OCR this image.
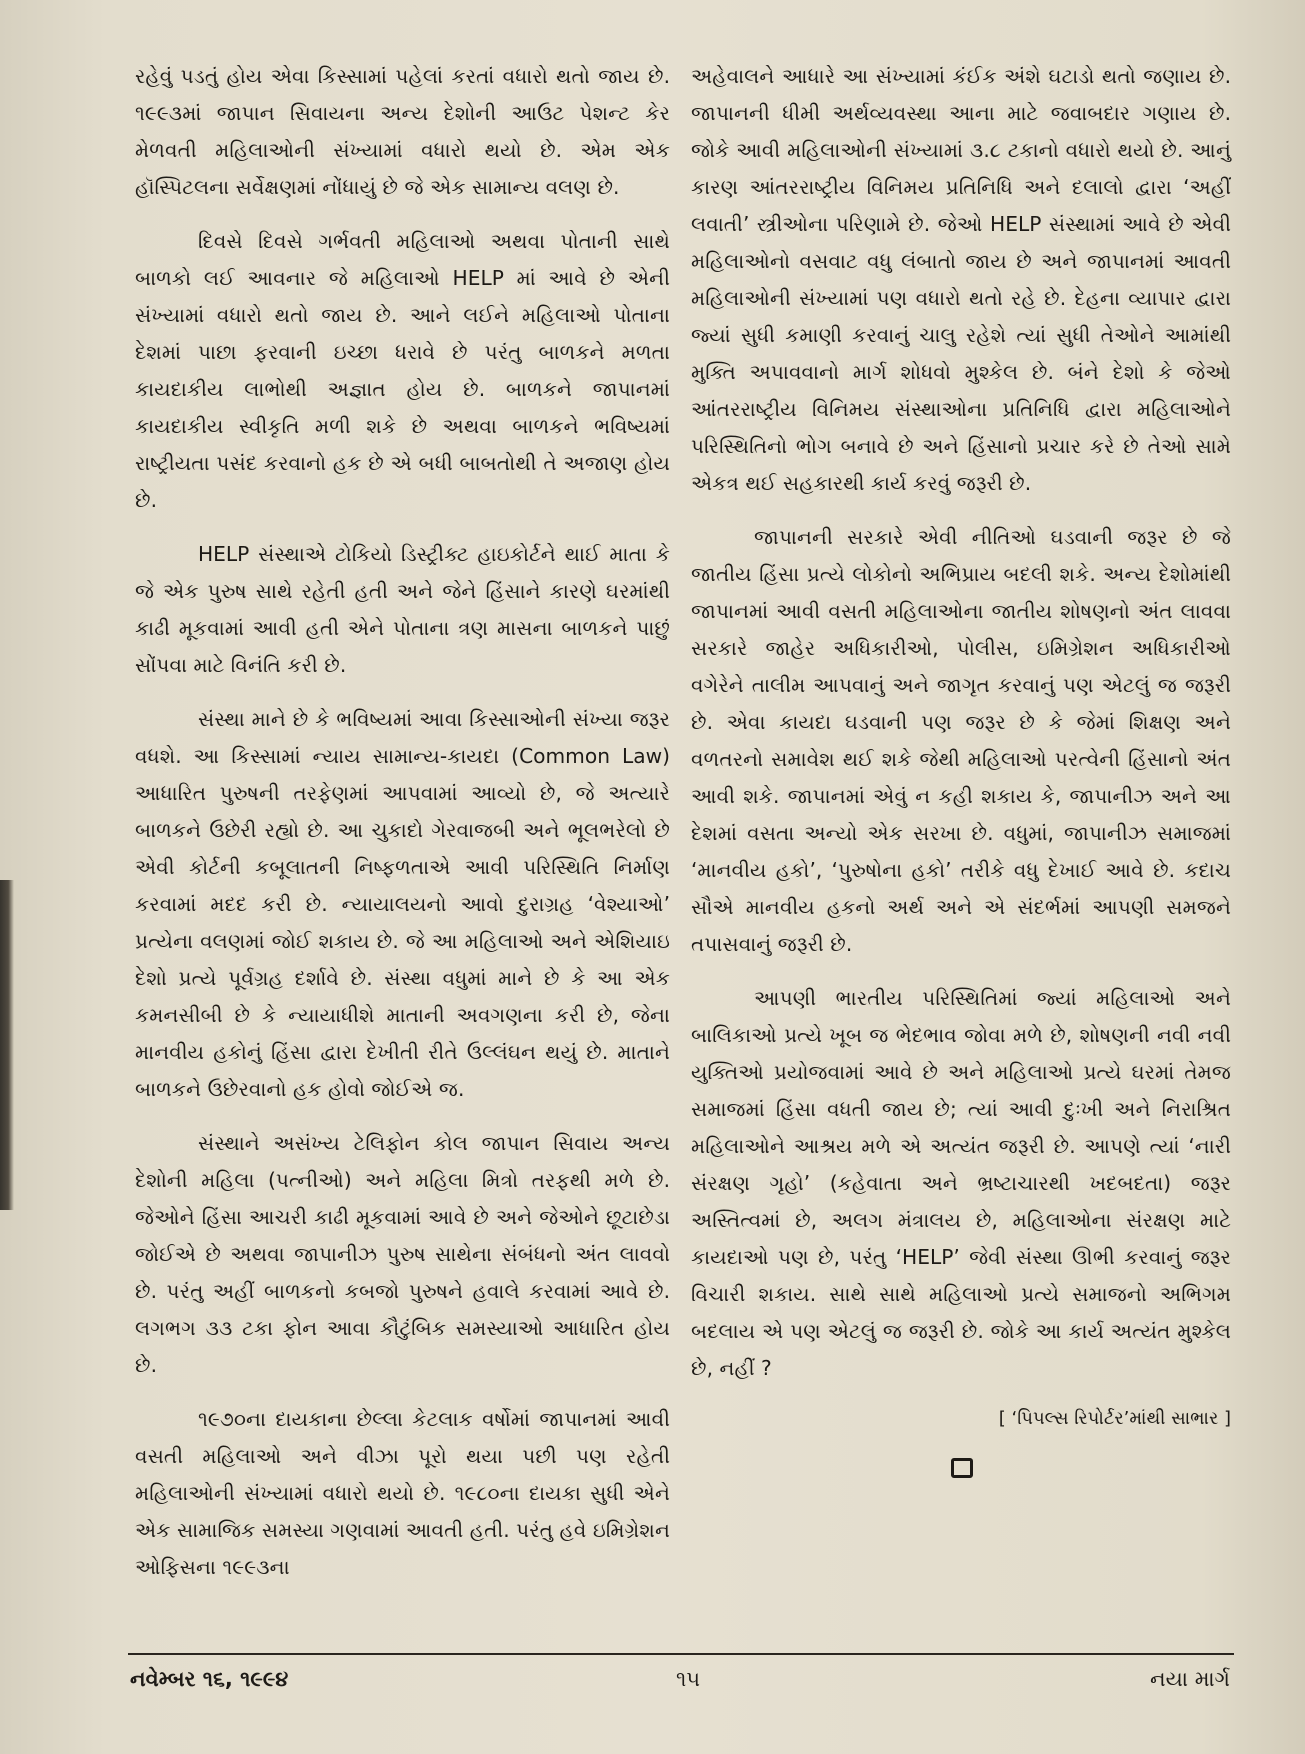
રહેવું પડતું હોય એવા કિસ્સામાં પહેલાં કરતાં વધારો થતો જાય છે. ૧૯૯૩માં જાપાન સિવાયના અન્ય દેશોની આઉટ પેશન્ટ કેર મેળવતી મહિલાઓની સંખ્યામાં વધારો થયો છે. એમ એક હૉસ્પિટલના સર્વેક્ષણમાં નોંધાયું છે જે એક સામાન્ય વલણ છે.

દિવસે દિવસે ગર્ભવતી મહિલાઓ અથવા પોતાની સાથે બાળકો લઈ આવનાર જે મહિલાઓ HELP માં આવે છે એની સંખ્યામાં વધારો થતો જાય છે. આને લઈને મહિલાઓ પોતાના દેશમાં પાછા ફરવાની ઇચ્છા ધરાવે છે પરંતુ બાળકને મળતા કાયદાકીય લાભોથી અજ્ઞાત હોય છે. બાળકને જાપાનમાં કાયદાકીય સ્વીકૃતિ મળી શકે છે અથવા બાળકને ભવિષ્યમાં રાષ્ટ્રીયતા પસંદ કરવાનો હક છે એ બધી બાબતોથી તે અજાણ હોય છે.

HELP સંસ્થાએ ટોકિયો ડિસ્ટ્રીક્ટ હાઇકોર્ટને થાઈ માતા કે જે એક પુરુષ સાથે રહેતી હતી અને જેને હિંસાને કારણે ઘરમાંથી કાઢી મૂકવામાં આવી હતી એને પોતાના ત્રણ માસના બાળકને પાછું સોંપવા માટે વિનંતિ કરી છે.

સંસ્થા માને છે કે ભવિષ્યમાં આવા કિસ્સાઓની સંખ્યા જરૂર વધશે. આ કિસ્સામાં ન્યાય સામાન્ય-કાયદા (Common Law) આધારિત પુરુષની તરફેણમાં આપવામાં આવ્યો છે, જે અત્યારે બાળકને ઉછેરી રહ્યો છે. આ ચુકાદો ગેરવાજબી અને ભૂલભરેલો છે એવી કોર્ટની કબૂલાતની નિષ્ફળતાએ આવી પરિસ્થિતિ નિર્માણ કરવામાં મદદ કરી છે. ન્યાયાલયનો આવો દુરાગ્રહ ‘વેશ્યાઓ’ પ્રત્યેના વલણમાં જોઈ શકાય છે. જે આ મહિલાઓ અને એશિયાઇ દેશો પ્રત્યે પૂર્વગ્રહ દર્શાવે છે. સંસ્થા વધુમાં માને છે કે આ એક કમનસીબી છે કે ન્યાયાધીશે માતાની અવગણના કરી છે, જેના માનવીય હકોનું હિંસા દ્વારા દેખીતી રીતે ઉલ્લંઘન થયું છે. માતાને બાળકને ઉછેરવાનો હક હોવો જોઈએ જ.

સંસ્થાને અસંખ્ય ટેલિફોન કોલ જાપાન સિવાય અન્ય દેશોની મહિલા (પત્નીઓ) અને મહિલા મિત્રો તરફથી મળે છે. જેઓને હિંસા આચરી કાઢી મૂકવામાં આવે છે અને જેઓને છૂટાછેડા જોઈએ છે અથવા જાપાનીઝ પુરુષ સાથેના સંબંધનો અંત લાવવો છે. પરંતુ અહીં બાળકનો કબજો પુરુષને હવાલે કરવામાં આવે છે. લગભગ ૩૩ ટકા ફોન આવા કૌટુંબિક સમસ્યાઓ આધારિત હોય છે.

૧૯૭૦ના દાયકાના છેલ્લા કેટલાક વર્ષોમાં જાપાનમાં આવી વસતી મહિલાઓ અને વીઝા પૂરો થયા પછી પણ રહેતી મહિલાઓની સંખ્યામાં વધારો થયો છે. ૧૯૮૦ના દાયકા સુધી એને એક સામાજિક સમસ્યા ગણવામાં આવતી હતી. પરંતુ હવે ઇમિગ્રેશન ઓફિસના ૧૯૯૩ના

અહેવાલને આધારે આ સંખ્યામાં કંઈક અંશે ઘટાડો થતો જણાય છે. જાપાનની ધીમી અર્થવ્યવસ્થા આના માટે જવાબદાર ગણાય છે. જોકે આવી મહિલાઓની સંખ્યામાં ૩.૮ ટકાનો વધારો થયો છે. આનું કારણ આંતરરાષ્ટ્રીય વિનિમય પ્રતિનિધિ અને દલાલો દ્વારા ‘અહીં લવાતી’ સ્ત્રીઓના પરિણામે છે. જેઓ HELP સંસ્થામાં આવે છે એવી મહિલાઓનો વસવાટ વધુ લંબાતો જાય છે અને જાપાનમાં આવતી મહિલાઓની સંખ્યામાં પણ વધારો થતો રહે છે. દેહના વ્યાપાર દ્વારા જ્યાં સુધી કમાણી કરવાનું ચાલુ રહેશે ત્યાં સુધી તેઓને આમાંથી મુક્તિ અપાવવાનો માર્ગ શોધવો મુશ્કેલ છે. બંને દેશો કે જેઓ આંતરરાષ્ટ્રીય વિનિમય સંસ્થાઓના પ્રતિનિધિ દ્વારા મહિલાઓને પરિસ્થિતિનો ભોગ બનાવે છે અને હિંસાનો પ્રચાર કરે છે તેઓ સામે એકત્ર થઈ સહકારથી કાર્ય કરવું જરૂરી છે.

જાપાનની સરકારે એવી નીતિઓ ઘડવાની જરૂર છે જે જાતીય હિંસા પ્રત્યે લોકોનો અભિપ્રાય બદલી શકે. અન્ય દેશોમાંથી જાપાનમાં આવી વસતી મહિલાઓના જાતીય શોષણનો અંત લાવવા સરકારે જાહેર અધિકારીઓ, પોલીસ, ઇમિગ્રેશન અધિકારીઓ વગેરેને તાલીમ આપવાનું અને જાગૃત કરવાનું પણ એટલું જ જરૂરી છે. એવા કાયદા ઘડવાની પણ જરૂર છે કે જેમાં શિક્ષણ અને વળતરનો સમાવેશ થઈ શકે જેથી મહિલાઓ પરત્વેની હિંસાનો અંત આવી શકે. જાપાનમાં એવું ન કહી શકાય કે, જાપાનીઝ અને આ દેશમાં વસતા અન્યો એક સરખા છે. વધુમાં, જાપાનીઝ સમાજમાં ‘માનવીય હકો’, ‘પુરુષોના હકો’ તરીકે વધુ દેખાઈ આવે છે. કદાચ સૌએ માનવીય હકનો અર્થ અને એ સંદર્ભમાં આપણી સમજને તપાસવાનું જરૂરી છે.

આપણી ભારતીય પરિસ્થિતિમાં જ્યાં મહિલાઓ અને બાલિકાઓ પ્રત્યે ખૂબ જ ભેદભાવ જોવા મળે છે, શોષણની નવી નવી યુક્તિઓ પ્રયોજવામાં આવે છે અને મહિલાઓ પ્રત્યે ઘરમાં તેમજ સમાજમાં હિંસા વધતી જાય છે; ત્યાં આવી દુઃખી અને નિરાશ્રિત મહિલાઓને આશ્રય મળે એ અત્યંત જરૂરી છે. આપણે ત્યાં ‘નારી સંરક્ષણ ગૃહો’ (કહેવાતા અને ભ્રષ્ટાચારથી ખદબદતા) જરૂર અસ્તિત્વમાં છે, અલગ મંત્રાલય છે, મહિલાઓના સંરક્ષણ માટે કાયદાઓ પણ છે, પરંતુ ‘HELP’ જેવી સંસ્થા ઊભી કરવાનું જરૂર વિચારી શકાય. સાથે સાથે મહિલાઓ પ્રત્યે સમાજનો અભિગમ બદલાય એ પણ એટલું જ જરૂરી છે. જોકે આ કાર્ય અત્યંત મુશ્કેલ છે, નહીં ?

[ ‘પિપલ્સ રિપોર્ટર’માંથી સાભાર ]
નવેમ્બર ૧૬, ૧૯૯૪	૧૫	નયા માર્ગ
